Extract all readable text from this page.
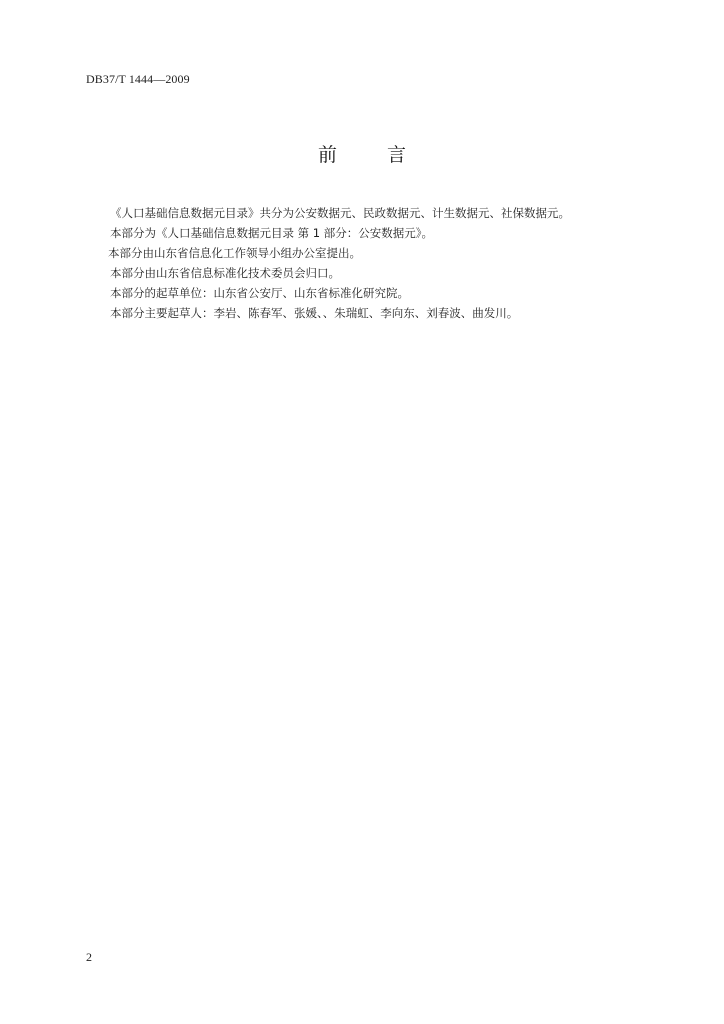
DB37/T 1444—2009
前 言
《人口基础信息数据元目录》共分为公安数据元、民政数据元、计生数据元、社保数据元。
本部分为《人口基础信息数据元目录 第 1 部分：公安数据元》。
本部分由山东省信息化工作领导小组办公室提出。
本部分由山东省信息标准化技术委员会归口。
本部分的起草单位：山东省公安厅、山东省标准化研究院。
本部分主要起草人：李岩、陈春军、张媛、、朱瑞虹、李向东、刘春波、曲发川。
2
